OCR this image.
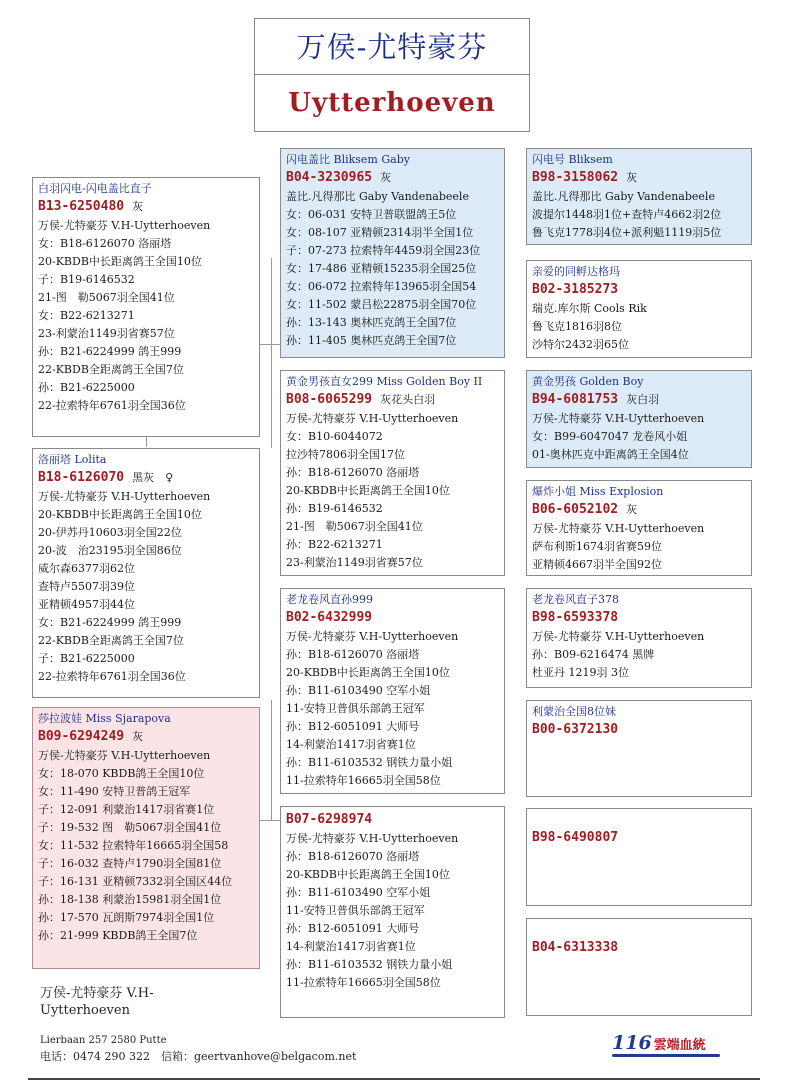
万侯-尤特豪芬
Uytterhoeven
白羽闪电-闪电盖比直子
B13-6250480 灰
万侯-尤特豪芬 V.H-Uytterhoeven
女：B18-6126070 洛丽塔
20-KBDB中长距离鸽王全国10位
子：B19-6146532
21-图　勒5067羽全国41位
女：B22-6213271
23-利蒙治1149羽省赛57位
孙：B21-6224999 鸽王999
22-KBDB全距离鸽王全国7位
孙：B21-6225000
22-拉索特年6761羽全国36位
洛丽塔 Lolita
B18-6126070 黑灰　♀
万侯-尤特豪芬 V.H-Uytterhoeven
20-KBDB中长距离鸽王全国10位
20-伊苏丹10603羽全国22位
20-波　治23195羽全国86位
威尔森6377羽62位
查特卢5507羽39位
亚精顿4957羽44位
女：B21-6224999 鸽王999
22-KBDB全距离鸽王全国7位
子：B21-6225000
22-拉索特年6761羽全国36位
莎拉波娃 Miss Sjarapova
B09-6294249 灰
万侯-尤特豪芬 V.H-Uytterhoeven
女：18-070 KBDB鸽王全国10位
女：11-490 安特卫普鸽王冠军
子：12-091 利蒙治1417羽省赛1位
子：19-532 图　勒5067羽全国41位
女：11-532 拉索特年16665羽全国58
子：16-032 查特卢1790羽全国81位
子：16-131 亚精顿7332羽全国区44位
孙：18-138 利蒙治15981羽全国1位
孙：17-570 瓦朗斯7974羽全国1位
孙：21-999 KBDB鸽王全国7位
闪电盖比 Bliksem Gaby
B04-3230965 灰
盖比.凡得那比 Gaby Vandenabeele
女：06-031 安特卫普联盟鸽王5位
女：08-107 亚精顿2314羽半全国1位
子：07-273 拉索特年4459羽全国23位
女：17-486 亚精顿15235羽全国25位
女：06-072 拉索特年13965羽全国54
女：11-502 蒙吕松22875羽全国70位
孙：13-143 奥林匹克鸽王全国7位
孙：11-405 奥林匹克鸽王全国7位
黄金男孩直女299 Miss Golden Boy II
B08-6065299 灰花头白羽
万侯-尤特豪芬 V.H-Uytterhoeven
女：B10-6044072
拉沙特7806羽全国17位
孙：B18-6126070 洛丽塔
20-KBDB中长距离鸽王全国10位
孙：B19-6146532
21-图　勒5067羽全国41位
孙：B22-6213271
23-利蒙治1149羽省赛57位
老龙卷风直孙999
B02-6432999
万侯-尤特豪芬 V.H-Uytterhoeven
孙：B18-6126070 洛丽塔
20-KBDB中长距离鸽王全国10位
孙：B11-6103490 空军小姐
11-安特卫普俱乐部鸽王冠军
孙：B12-6051091 大师号
14-利蒙治1417羽省赛1位
孙：B11-6103532 钢铁力量小姐
11-拉索特年16665羽全国58位
B07-6298974
万侯-尤特豪芬 V.H-Uytterhoeven
孙：B18-6126070 洛丽塔
20-KBDB中长距离鸽王全国10位
孙：B11-6103490 空军小姐
11-安特卫普俱乐部鸽王冠军
孙：B12-6051091 大师号
14-利蒙治1417羽省赛1位
孙：B11-6103532 钢铁力量小姐
11-拉索特年16665羽全国58位
闪电号 Bliksem
B98-3158062 灰
盖比.凡得那比 Gaby Vandenabeele
波提尔1448羽1位+查特卢4662羽2位
鲁飞克1778羽4位+派利魁1119羽5位
亲爱的同孵达格玛
B02-3185273
瑞克.库尔斯 Cools Rik
鲁飞克1816羽8位
沙特尔2432羽65位
黄金男孩 Golden Boy
B94-6081753 灰白羽
万侯-尤特豪芬 V.H-Uytterhoeven
女：B99-6047047 龙卷风小姐
01-奥林匹克中距离鸽王全国4位
爆炸小姐 Miss Explosion
B06-6052102 灰
万侯-尤特豪芬 V.H-Uytterhoeven
萨布利斯1674羽省赛59位
亚精顿4667羽半全国92位
老龙卷风直子378
B98-6593378
万侯-尤特豪芬 V.H-Uytterhoeven
孙：B09-6216474 黑牌
杜亚丹 1219羽 3位
利蒙治全国8位妹
B00-6372130
B98-6490807
B04-6313338
万侯-尤特豪芬 V.H-Uytterhoeven
Lierbaan 257 2580 Putte
电话：0474 290 322　信箱：geertvanhove@belgacom.net
116 雲端血統
